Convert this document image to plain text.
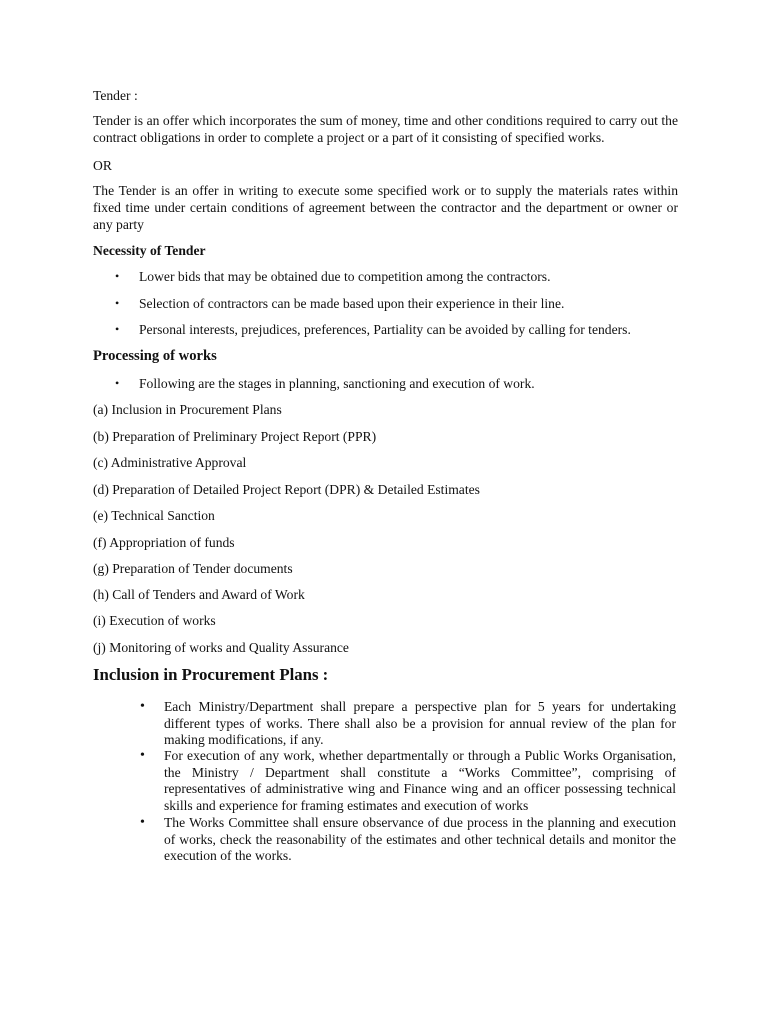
Tender :

Tender is an offer which incorporates the sum of money, time and other conditions required to carry out the contract obligations in order to complete a project or a part of it consisting of specified works.

OR

The Tender is an offer in writing to execute some specified work or to supply the materials rates within fixed time under certain conditions of agreement between the contractor and the department or owner or any party

Necessity of Tender

• Lower bids that may be obtained due to competition among the contractors.
• Selection of contractors can be made based upon their experience in their line.
• Personal interests, prejudices, preferences, Partiality can be avoided by calling for tenders.

Processing of works

• Following are the stages in planning, sanctioning and execution of work.

(a) Inclusion in Procurement Plans

(b) Preparation of Preliminary Project Report (PPR)

(c) Administrative Approval

(d) Preparation of Detailed Project Report (DPR) & Detailed Estimates

(e) Technical Sanction

(f) Appropriation of funds

(g) Preparation of Tender documents

(h) Call of Tenders and Award of Work

(i) Execution of works

(j) Monitoring of works and Quality Assurance

Inclusion in Procurement Plans :

• Each Ministry/Department shall prepare a perspective plan for 5 years for undertaking different types of works. There shall also be a provision for annual review of the plan for making modifications, if any.
• For execution of any work, whether departmentally or through a Public Works Organisation, the Ministry / Department shall constitute a “Works Committee”, comprising of representatives of administrative wing and Finance wing and an officer possessing technical skills and experience for framing estimates and execution of works
• The Works Committee shall ensure observance of due process in the planning and execution of works, check the reasonability of the estimates and other technical details and monitor the execution of the works.
